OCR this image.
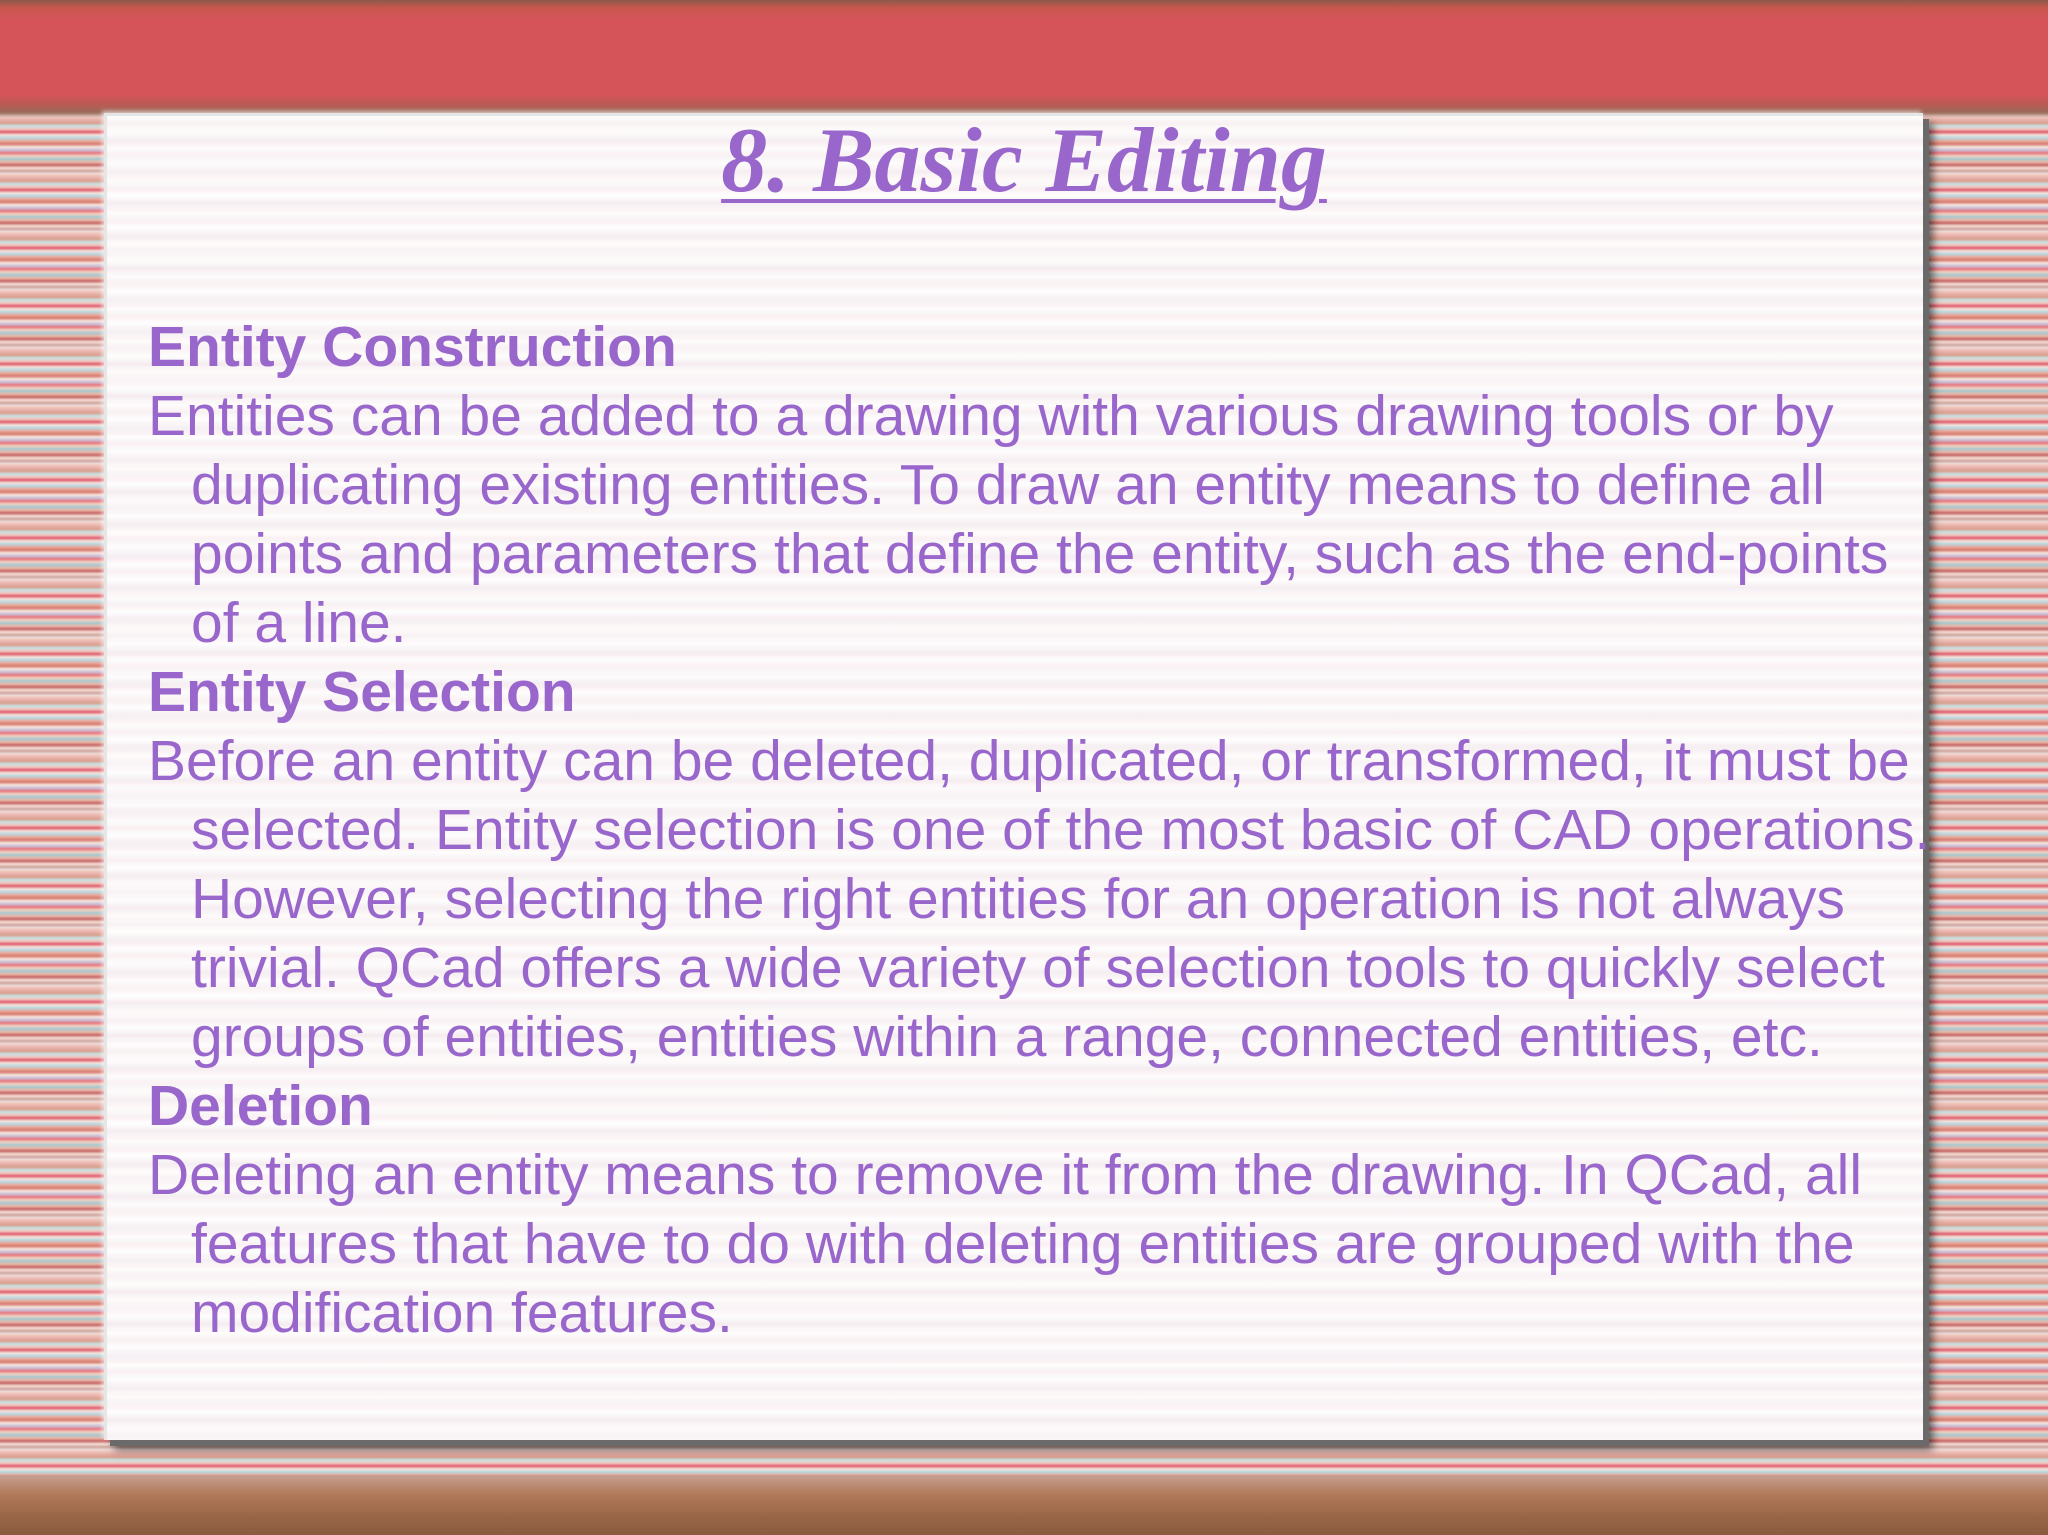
8. Basic Editing

Entity Construction

Entities can be added to a drawing with various drawing tools or by duplicating existing entities. To draw an entity means to define all points and parameters that define the entity, such as the end-points of a line.

Entity Selection

Before an entity can be deleted, duplicated, or transformed, it must be selected. Entity selection is one of the most basic of CAD operations. However, selecting the right entities for an operation is not always trivial. QCad offers a wide variety of selection tools to quickly select groups of entities, entities within a range, connected entities, etc.

Deletion

Deleting an entity means to remove it from the drawing. In QCad, all features that have to do with deleting entities are grouped with the modification features.
